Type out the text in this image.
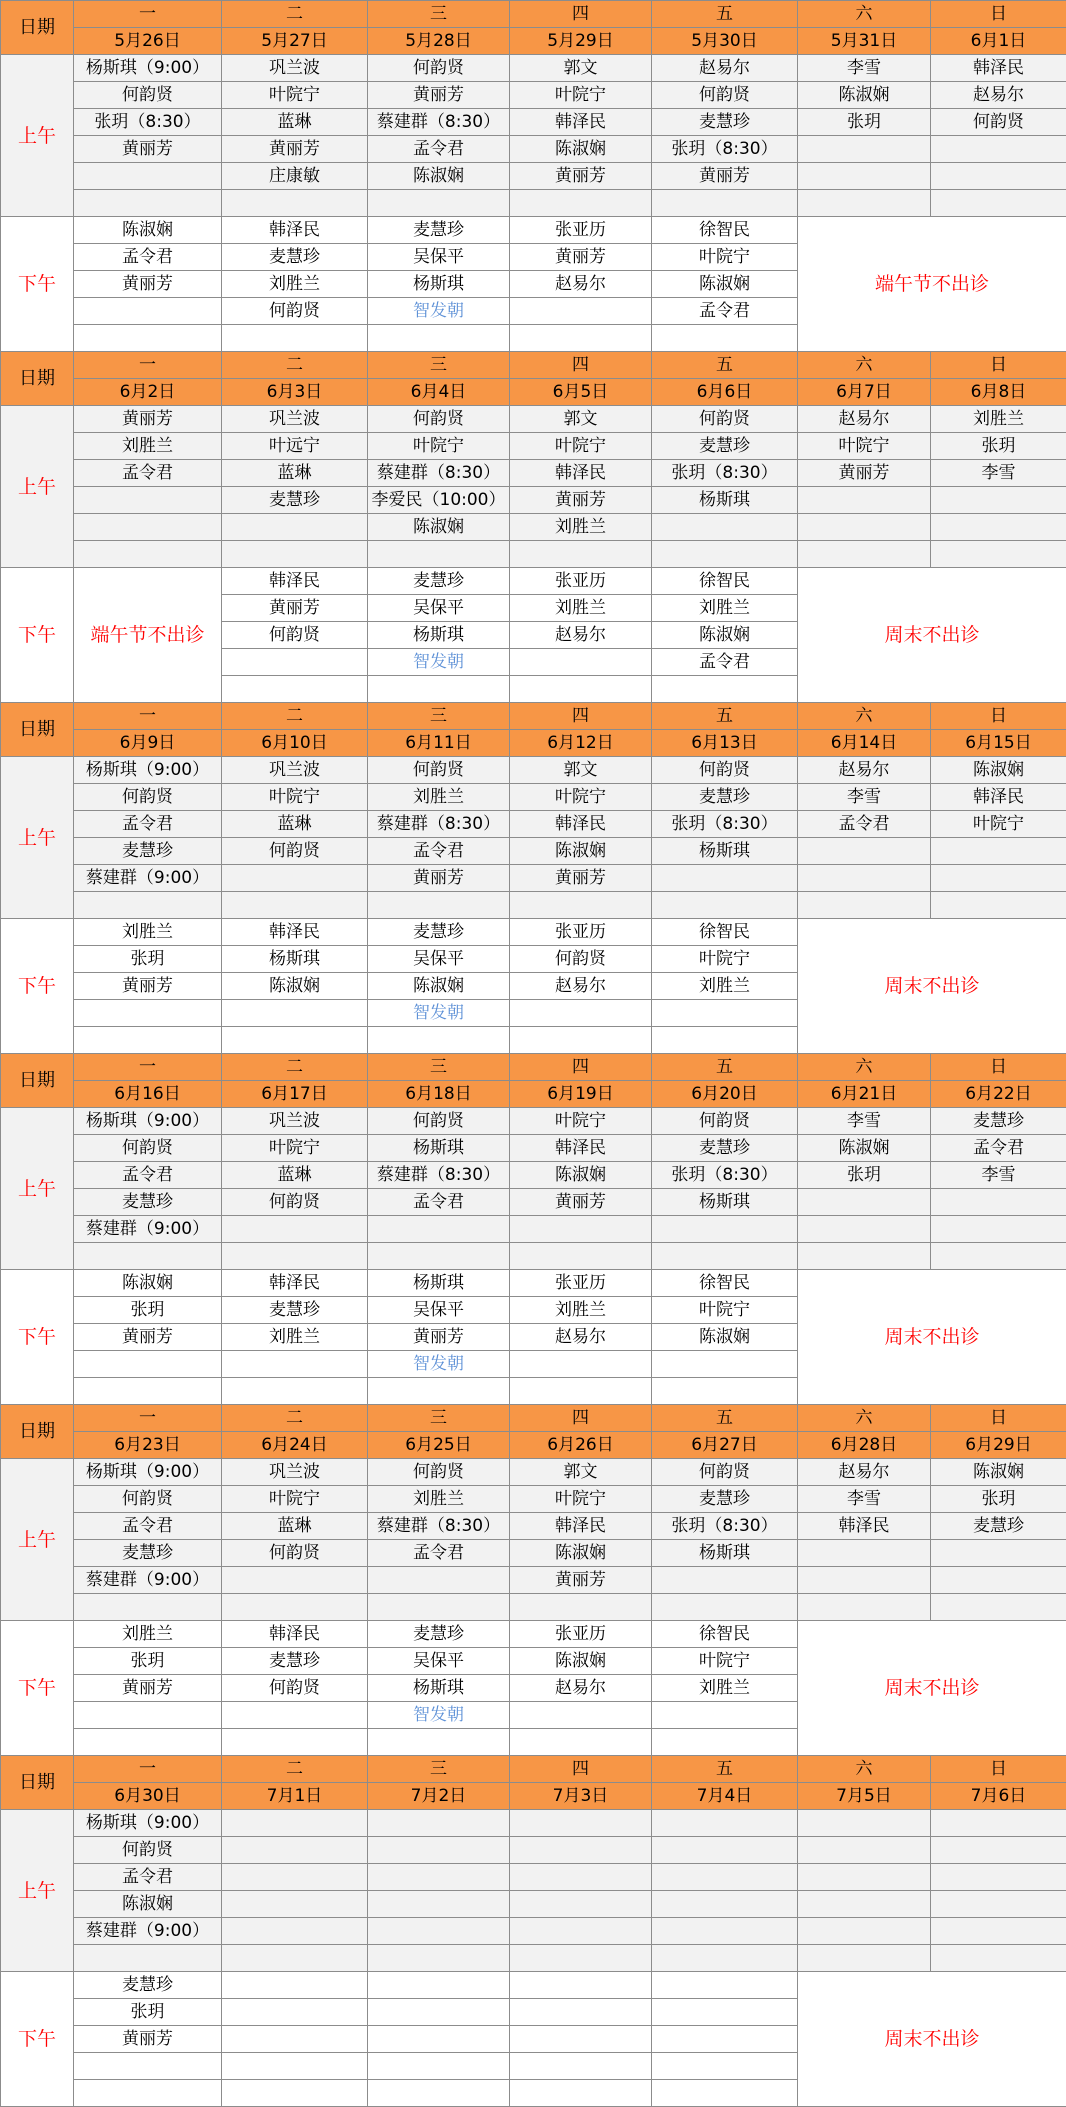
日期	一	二	三	四	五	六	日
	5月26日	5月27日	5月28日	5月29日	5月30日	5月31日	6月1日
上午	杨斯琪（9:00）	巩兰波	何韵贤	郭文	赵易尔	李雪	韩泽民
	何韵贤	叶院宁	黄丽芳	叶院宁	何韵贤	陈淑娴	赵易尔
	张玥（8:30）	蓝琳	蔡建群（8:30）	韩泽民	麦慧珍	张玥	何韵贤
	黄丽芳	黄丽芳	孟令君	陈淑娴	张玥（8:30）		
		庄康敏	陈淑娴	黄丽芳	黄丽芳		

下午	陈淑娴	韩泽民	麦慧珍	张亚历	徐智民	端午节不出诊	
	孟令君	麦慧珍	吴保平	黄丽芳	叶院宁		
	黄丽芳	刘胜兰	杨斯琪	赵易尔	陈淑娴		
		何韵贤	智发朝		孟令君		

日期	一	二	三	四	五	六	日
	6月2日	6月3日	6月4日	6月5日	6月6日	6月7日	6月8日
上午	黄丽芳	巩兰波	何韵贤	郭文	何韵贤	赵易尔	刘胜兰
	刘胜兰	叶远宁	叶院宁	叶院宁	麦慧珍	叶院宁	张玥
	孟令君	蓝琳	蔡建群（8:30）	韩泽民	张玥（8:30）	黄丽芳	李雪
		麦慧珍	李爱民（10:00）	黄丽芳	杨斯琪		
			陈淑娴	刘胜兰			

下午	端午节不出诊	韩泽民	麦慧珍	张亚历	徐智民	周末不出诊	
		黄丽芳	吴保平	刘胜兰	刘胜兰		
		何韵贤	杨斯琪	赵易尔	陈淑娴		
			智发朝		孟令君		

日期	一	二	三	四	五	六	日
	6月9日	6月10日	6月11日	6月12日	6月13日	6月14日	6月15日
上午	杨斯琪（9:00）	巩兰波	何韵贤	郭文	何韵贤	赵易尔	陈淑娴
	何韵贤	叶院宁	刘胜兰	叶院宁	麦慧珍	李雪	韩泽民
	孟令君	蓝琳	蔡建群（8:30）	韩泽民	张玥（8:30）	孟令君	叶院宁
	麦慧珍	何韵贤	孟令君	陈淑娴	杨斯琪		
	蔡建群（9:00）		黄丽芳	黄丽芳			

下午	刘胜兰	韩泽民	麦慧珍	张亚历	徐智民	周末不出诊	
	张玥	杨斯琪	吴保平	何韵贤	叶院宁		
	黄丽芳	陈淑娴	陈淑娴	赵易尔	刘胜兰		
			智发朝				

日期	一	二	三	四	五	六	日
	6月16日	6月17日	6月18日	6月19日	6月20日	6月21日	6月22日
上午	杨斯琪（9:00）	巩兰波	何韵贤	叶院宁	何韵贤	李雪	麦慧珍
	何韵贤	叶院宁	杨斯琪	韩泽民	麦慧珍	陈淑娴	孟令君
	孟令君	蓝琳	蔡建群（8:30）	陈淑娴	张玥（8:30）	张玥	李雪
	麦慧珍	何韵贤	孟令君	黄丽芳	杨斯琪		
	蔡建群（9:00）						

下午	陈淑娴	韩泽民	杨斯琪	张亚历	徐智民	周末不出诊	
	张玥	麦慧珍	吴保平	刘胜兰	叶院宁		
	黄丽芳	刘胜兰	黄丽芳	赵易尔	陈淑娴		
			智发朝				

日期	一	二	三	四	五	六	日
	6月23日	6月24日	6月25日	6月26日	6月27日	6月28日	6月29日
上午	杨斯琪（9:00）	巩兰波	何韵贤	郭文	何韵贤	赵易尔	陈淑娴
	何韵贤	叶院宁	刘胜兰	叶院宁	麦慧珍	李雪	张玥
	孟令君	蓝琳	蔡建群（8:30）	韩泽民	张玥（8:30）	韩泽民	麦慧珍
	麦慧珍	何韵贤	孟令君	陈淑娴	杨斯琪		
	蔡建群（9:00）			黄丽芳			

下午	刘胜兰	韩泽民	麦慧珍	张亚历	徐智民	周末不出诊	
	张玥	麦慧珍	吴保平	陈淑娴	叶院宁		
	黄丽芳	何韵贤	杨斯琪	赵易尔	刘胜兰		
			智发朝				

日期	一	二	三	四	五	六	日
	6月30日	7月1日	7月2日	7月3日	7月4日	7月5日	7月6日
上午	杨斯琪（9:00）						
	何韵贤						
	孟令君						
	陈淑娴						
	蔡建群（9:00）						

下午	麦慧珍					周末不出诊	
	张玥						
	黄丽芳						
